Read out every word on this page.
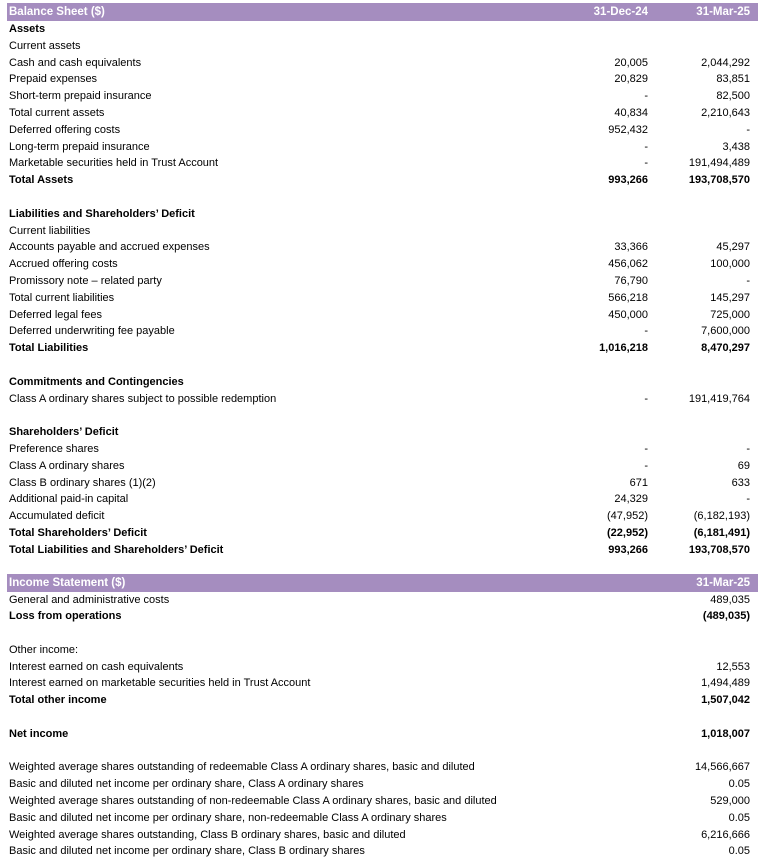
Balance Sheet ($)	31-Dec-24	31-Mar-25
Assets
Current assets
Cash and cash equivalents	20,005	2,044,292
Prepaid expenses	20,829	83,851
Short-term prepaid insurance	-	82,500
Total current assets	40,834	2,210,643
Deferred offering costs	952,432	-
Long-term prepaid insurance	-	3,438
Marketable securities held in Trust Account	-	191,494,489
Total Assets	993,266	193,708,570
Liabilities and Shareholders’ Deficit
Current liabilities
Accounts payable and accrued expenses	33,366	45,297
Accrued offering costs	456,062	100,000
Promissory note – related party	76,790	-
Total current liabilities	566,218	145,297
Deferred legal fees	450,000	725,000
Deferred underwriting fee payable	-	7,600,000
Total Liabilities	1,016,218	8,470,297
Commitments and Contingencies
Class A ordinary shares subject to possible redemption	-	191,419,764
Shareholders’ Deficit
Preference shares	-	-
Class A ordinary shares	-	69
Class B ordinary shares (1)(2)	671	633
Additional paid-in capital	24,329	-
Accumulated deficit	(47,952)	(6,182,193)
Total Shareholders’ Deficit	(22,952)	(6,181,491)
Total Liabilities and Shareholders’ Deficit	993,266	193,708,570
Income Statement ($)	31-Mar-25
General and administrative costs	489,035
Loss from operations	(489,035)
Other income:
Interest earned on cash equivalents	12,553
Interest earned on marketable securities held in Trust Account	1,494,489
Total other income	1,507,042
Net income	1,018,007
Weighted average shares outstanding of redeemable Class A ordinary shares, basic and diluted	14,566,667
Basic and diluted net income per ordinary share, Class A ordinary shares	0.05
Weighted average shares outstanding of non-redeemable Class A ordinary shares, basic and diluted	529,000
Basic and diluted net income per ordinary share, non-redeemable Class A ordinary shares	0.05
Weighted average shares outstanding, Class B ordinary shares, basic and diluted	6,216,666
Basic and diluted net income per ordinary share, Class B ordinary shares	0.05
